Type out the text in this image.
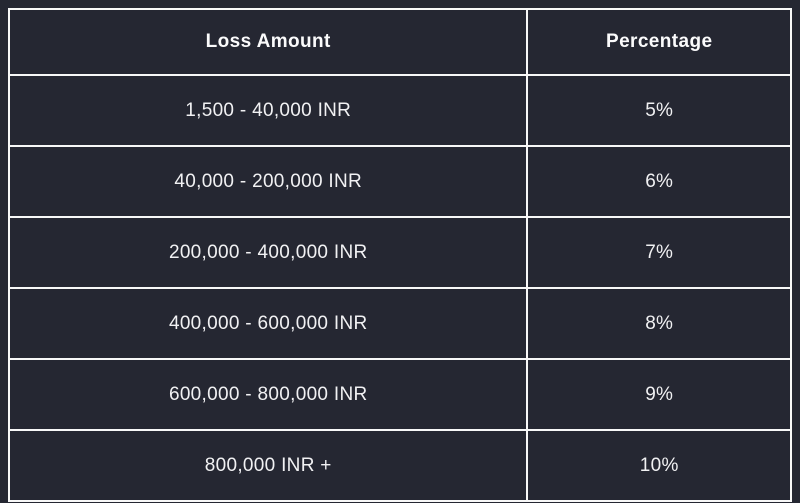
Loss Amount	Percentage
1,500 - 40,000 INR	5%
40,000 - 200,000 INR	6%
200,000 - 400,000 INR	7%
400,000 - 600,000 INR	8%
600,000 - 800,000 INR	9%
800,000 INR +	10%
